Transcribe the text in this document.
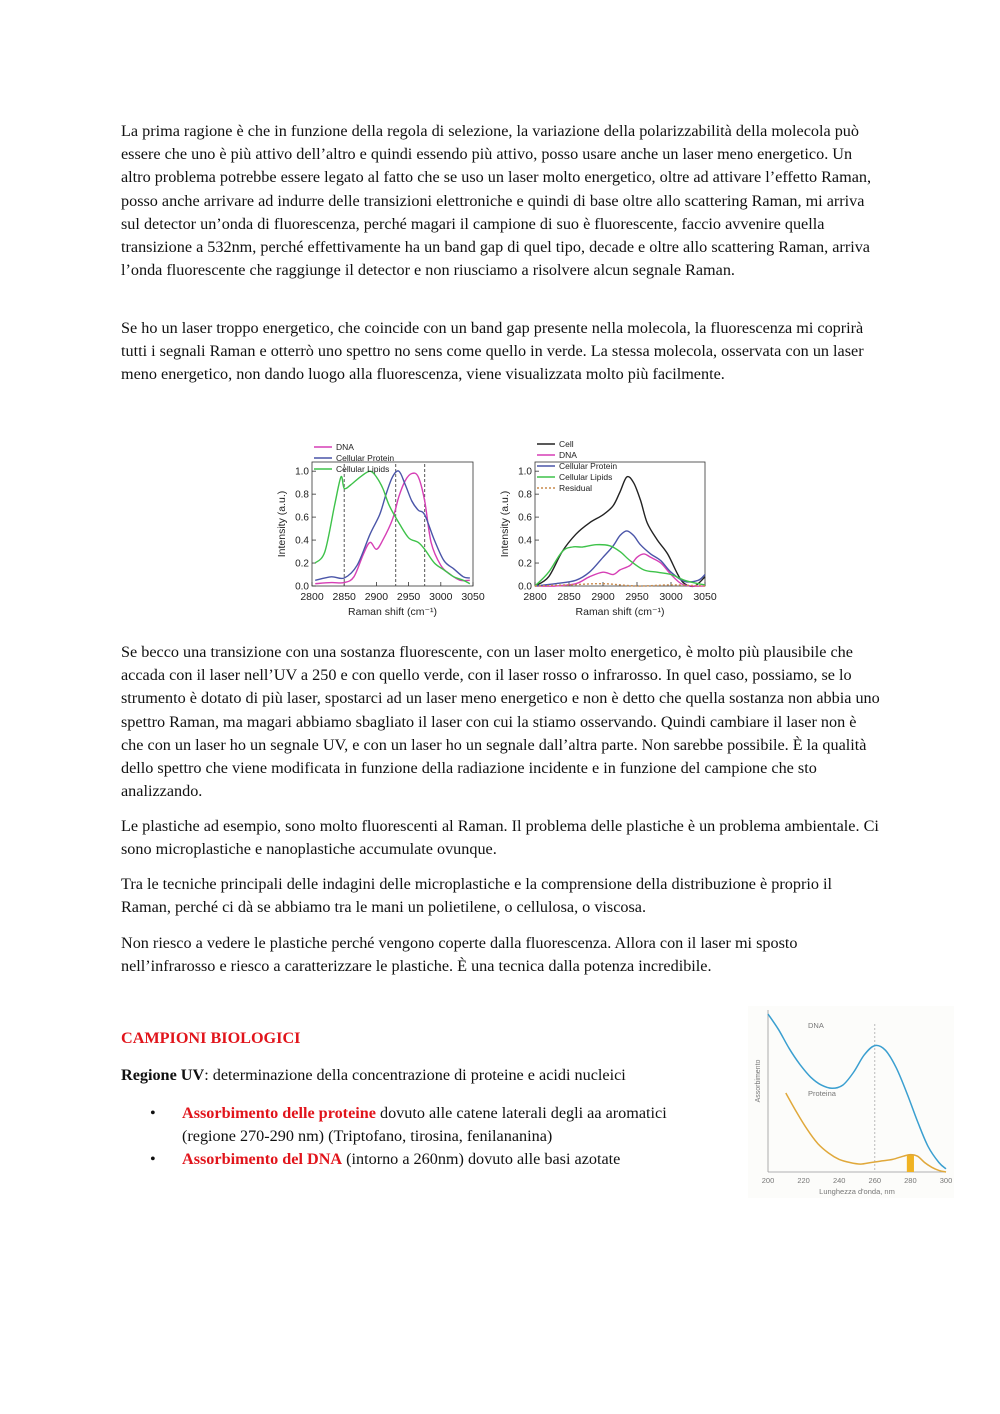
La prima ragione è che in funzione della regola di selezione, la variazione della polarizzabilità della molecola può essere che uno è più attivo dell’altro e quindi essendo più attivo, posso usare anche un laser meno energetico. Un altro problema potrebbe essere legato al fatto che se uso un laser molto energetico, oltre ad attivare l’effetto Raman, posso anche arrivare ad indurre delle transizioni elettroniche e quindi di base oltre allo scattering Raman, mi arriva sul detector un’onda di fluorescenza, perché magari il campione di suo è fluorescente, faccio avvenire quella transizione a 532nm, perché effettivamente ha un band gap di quel tipo, decade e oltre allo scattering Raman, arriva l’onda fluorescente che raggiunge il detector e non riusciamo a risolvere alcun segnale Raman.

Se ho un laser troppo energetico, che coincide con un band gap presente nella molecola, la fluorescenza mi coprirà tutti i segnali Raman e otterrò uno spettro no sens come quello in verde. La stessa molecola, osservata con un laser meno energetico, non dando luogo alla fluorescenza, viene visualizzata molto più facilmente.

0.0
0.2
0.4
0.6
0.8
1.0
2800 2850 2900 2950 3000 3050
Raman shift (cm⁻¹)
Intensity (a.u.)
DNA
Cellular Protein
Cellular Lipids
0.0
0.2
0.4
0.6
0.8
1.0
2800 2850 2900 2950 3000 3050
Raman shift (cm⁻¹)
Intensity (a.u.)
Cell
DNA
Cellular Protein
Cellular Lipids
Residual

Se becco una transizione con una sostanza fluorescente, con un laser molto energetico, è molto più plausibile che accada con il laser nell’UV a 250 e con quello verde, con il laser rosso o infrarosso. In quel caso, possiamo, se lo strumento è dotato di più laser, spostarci ad un laser meno energetico e non è detto che quella sostanza non abbia uno spettro Raman, ma magari abbiamo sbagliato il laser con cui la stiamo osservando. Quindi cambiare il laser non è che con un laser ho un segnale UV, e con un laser ho un segnale dall’altra parte. Non sarebbe possibile. È la qualità dello spettro che viene modificata in funzione della radiazione incidente e in funzione del campione che sto analizzando.

Le plastiche ad esempio, sono molto fluorescenti al Raman. Il problema delle plastiche è un problema ambientale. Ci sono microplastiche e nanoplastiche accumulate ovunque.

Tra le tecniche principali delle indagini delle microplastiche e la comprensione della distribuzione è proprio il Raman, perché ci dà se abbiamo tra le mani un polietilene, o cellulosa, o viscosa.

Non riesco a vedere le plastiche perché vengono coperte dalla fluorescenza. Allora con il laser mi sposto nell’infrarosso e riesco a caratterizzare le plastiche. È una tecnica dalla potenza incredibile.

CAMPIONI BIOLOGICI

Regione UV: determinazione della concentrazione di proteine e acidi nucleici

• Assorbimento delle proteine dovuto alle catene laterali degli aa aromatici (regione 270-290 nm) (Triptofano, tirosina, fenilananina)
• Assorbimento del DNA (intorno a 260nm) dovuto alle basi azotate
DNA
Proteina
200	220	240	260	280	300
Lunghezza d'onda, nm
Assorbimento
